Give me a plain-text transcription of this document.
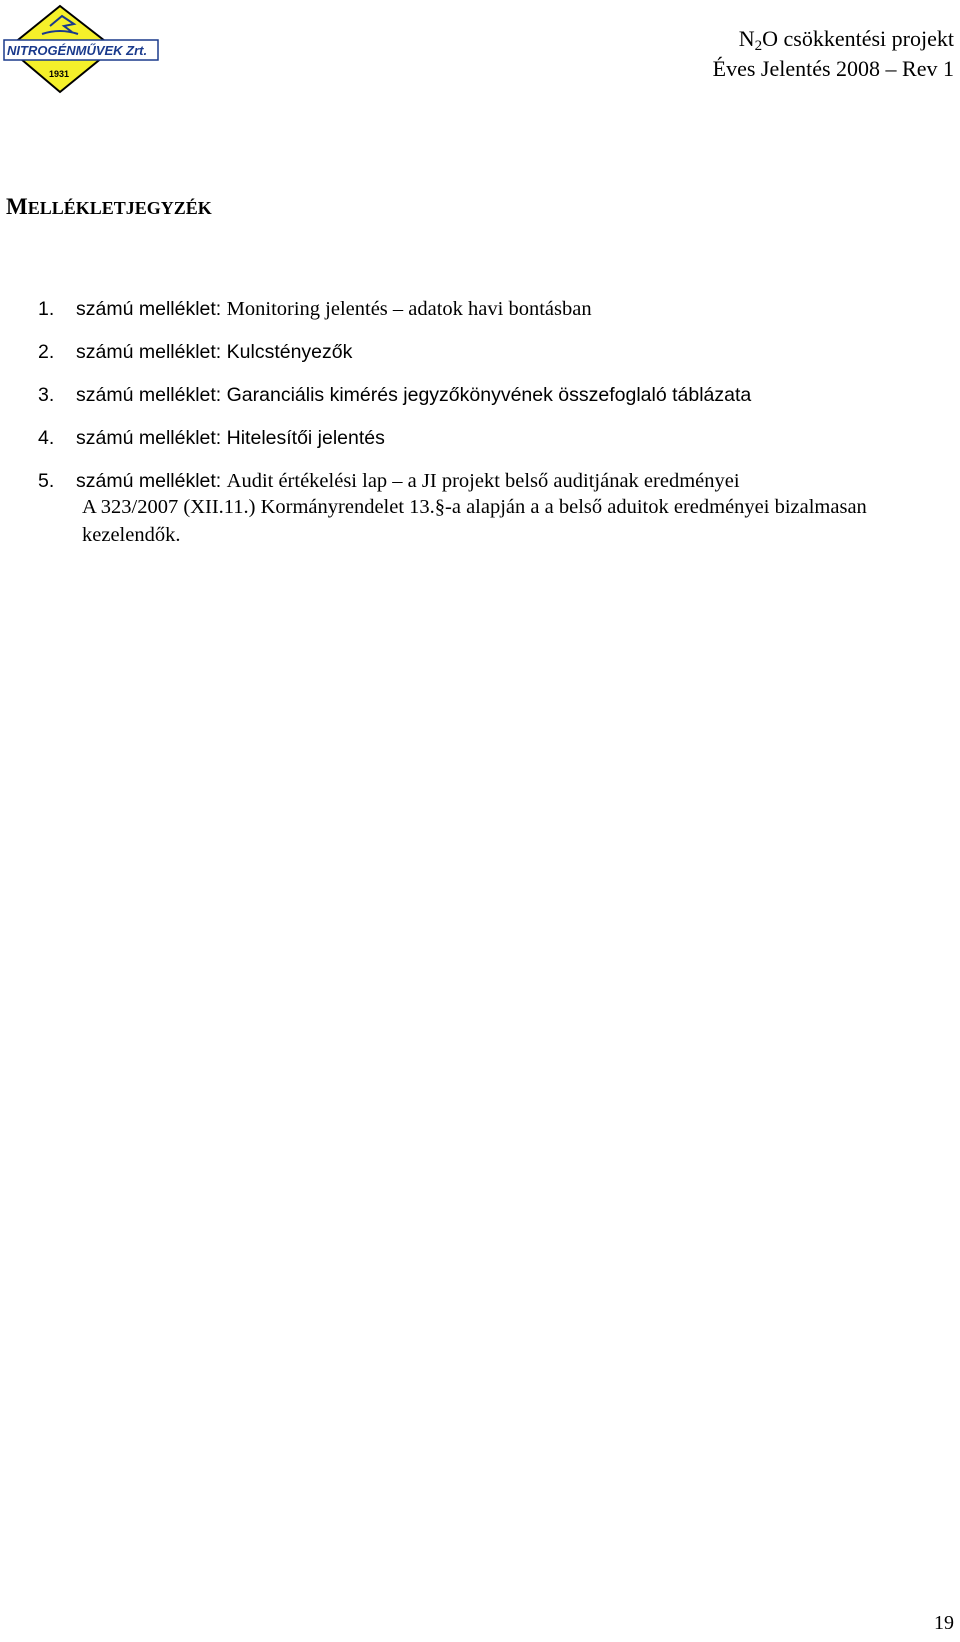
NITROGÉNMŰVEK Zrt.
1931
$N_2O$ csökkentési projekt
Éves Jelentés 2008 – Rev 1
MELLÉKLETJEGYZÉK
1.	számú melléklet: Monitoring jelentés – adatok havi bontásban
2.	számú melléklet: Kulcstényezők
3.	számú melléklet: Garanciális kimérés jegyzőkönyvének összefoglaló táblázata
4.	számú melléklet: Hitelesítői jelentés
5.	számú melléklet: Audit értékelési lap – a JI projekt belső auditjának eredményei

A 323/2007 (XII.11.) Kormányrendelet 13.§-a alapján a a belső aduitok eredményei bizalmasan kezelendők.

19
